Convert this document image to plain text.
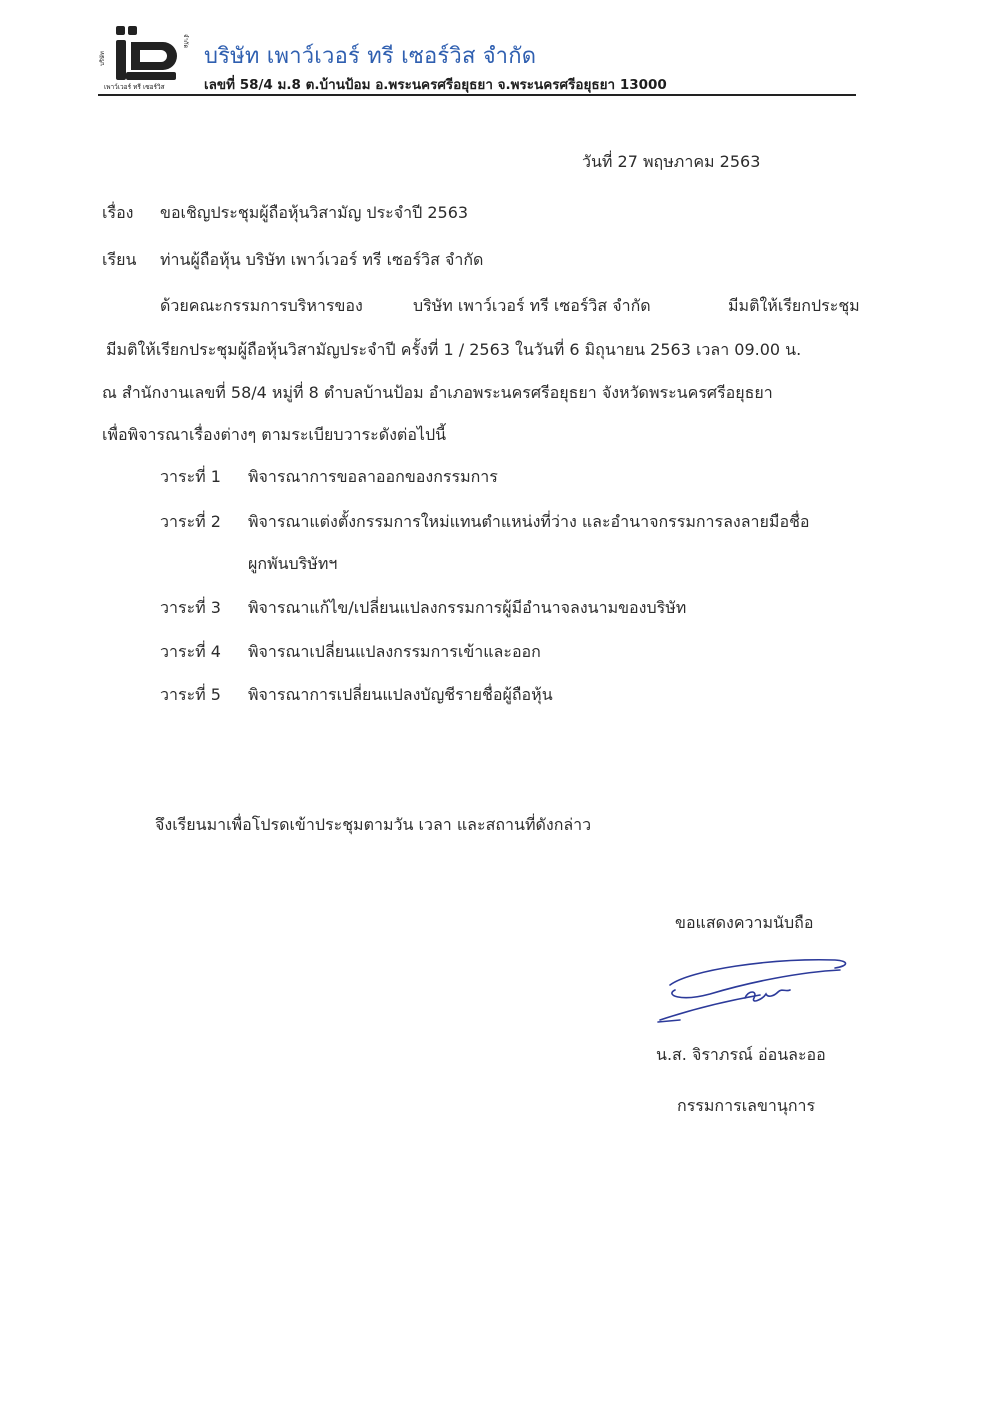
บริษัท
เพาว์เวอร์ ทรี เซอร์วิส
จำกัด
บริษัท เพาว์เวอร์ ทรี เซอร์วิส จำกัด
เลขที่ 58/4 ม.8 ต.บ้านป้อม อ.พระนครศรีอยุธยา จ.พระนครศรีอยุธยา 13000
วันที่ 27 พฤษภาคม 2563
เรื่อง ขอเชิญประชุมผู้ถือหุ้นวิสามัญ ประจำปี 2563
เรียน ท่านผู้ถือหุ้น บริษัท เพาว์เวอร์ ทรี เซอร์วิส จำกัด
ด้วยคณะกรรมการบริหารของ	บริษัท เพาว์เวอร์ ทรี เซอร์วิส จำกัด	มีมติให้เรียกประชุม
มีมติให้เรียกประชุมผู้ถือหุ้นวิสามัญประจำปี ครั้งที่ 1 / 2563 ในวันที่ 6 มิถุนายน 2563 เวลา 09.00 น.
ณ สำนักงานเลขที่ 58/4 หมู่ที่ 8 ตำบลบ้านป้อม อำเภอพระนครศรีอยุธยา จังหวัดพระนครศรีอยุธยา
เพื่อพิจารณาเรื่องต่างๆ ตามระเบียบวาระดังต่อไปนี้
วาระที่ 1 พิจารณาการขอลาออกของกรรมการ
วาระที่ 2 พิจารณาแต่งตั้งกรรมการใหม่แทนตำแหน่งที่ว่าง และอำนาจกรรมการลงลายมือชื่อ
ผูกพันบริษัทฯ
วาระที่ 3 พิจารณาแก้ไข/เปลี่ยนแปลงกรรมการผู้มีอำนาจลงนามของบริษัท
วาระที่ 4 พิจารณาเปลี่ยนแปลงกรรมการเข้าและออก
วาระที่ 5 พิจารณาการเปลี่ยนแปลงบัญชีรายชื่อผู้ถือหุ้น
จึงเรียนมาเพื่อโปรดเข้าประชุมตามวัน เวลา และสถานที่ดังกล่าว
ขอแสดงความนับถือ
น.ส. จิราภรณ์ อ่อนละออ
กรรมการเลขานุการ
